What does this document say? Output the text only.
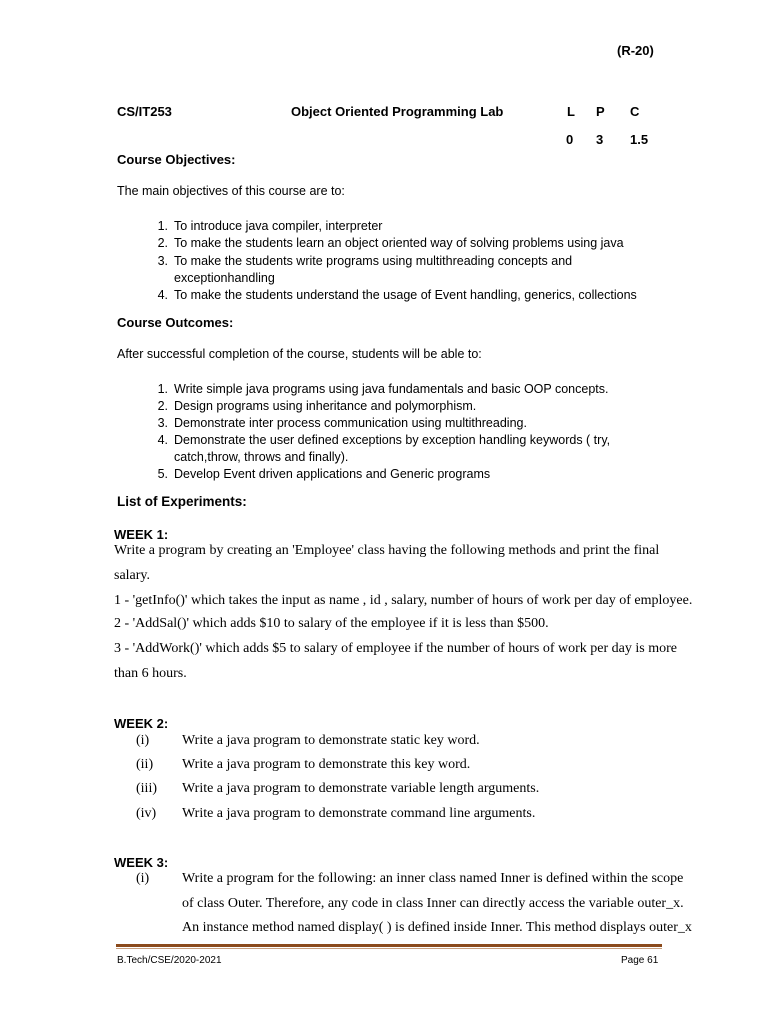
(R-20)
CS/IT253	Object Oriented Programming Lab	L P C
0 3 1.5
Course Objectives:
The main objectives of this course are to:
1. To introduce java compiler, interpreter
2. To make the students learn an object oriented way of solving problems using java
3. To make the students write programs using multithreading concepts and
exceptionhandling
4. To make the students understand the usage of Event handling, generics, collections
Course Outcomes:
After successful completion of the course, students will be able to:
1. Write simple java programs using java fundamentals and basic OOP concepts.
2. Design programs using inheritance and polymorphism.
3. Demonstrate inter process communication using multithreading.
4. Demonstrate the user defined exceptions by exception handling keywords ( try,
catch,throw, throws and finally).
5. Develop Event driven applications and Generic programs
List of Experiments:
WEEK 1:
Write a program by creating an 'Employee' class having the following methods and print the final
salary.
1 - 'getInfo()' which takes the input as name , id , salary, number of hours of work per day of employee.
2 - 'AddSal()' which adds $10 to salary of the employee if it is less than $500.
3 - 'AddWork()' which adds $5 to salary of employee if the number of hours of work per day is more
than 6 hours.
WEEK 2:
(i) Write a java program to demonstrate static key word.
(ii) Write a java program to demonstrate this key word.
(iii) Write a java program to demonstrate variable length arguments.
(iv) Write a java program to demonstrate command line arguments.
WEEK 3:
(i) Write a program for the following: an inner class named Inner is defined within the scope
of class Outer. Therefore, any code in class Inner can directly access the variable outer_x.
An instance method named display( ) is defined inside Inner. This method displays outer_x
B.Tech/CSE/2020-2021	Page 61
